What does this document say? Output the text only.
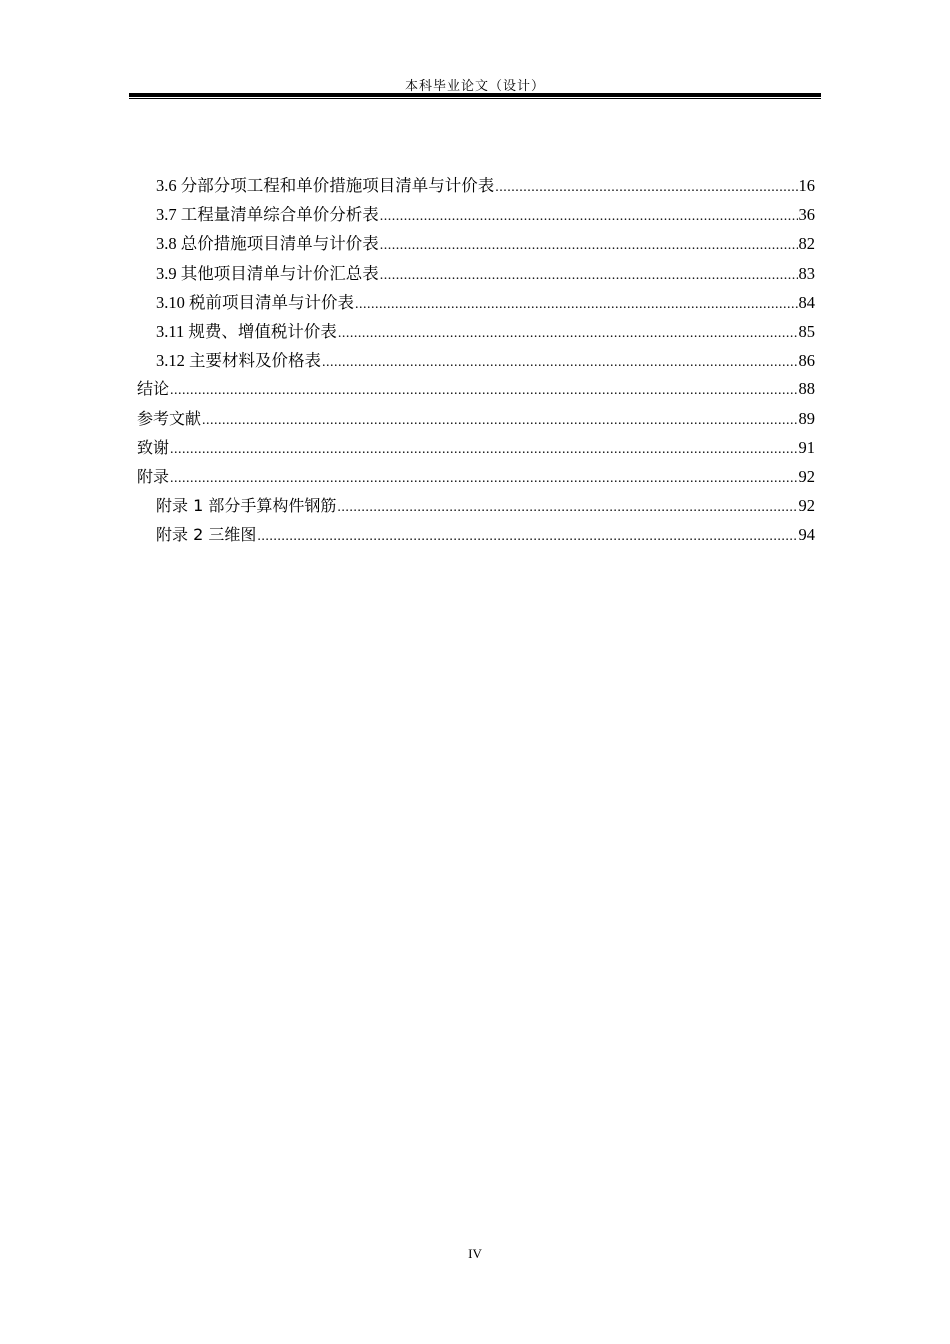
本科毕业论文（设计）
3.6 分部分项工程和单价措施项目清单与计价表 .....	16
3.7 工程量清单综合单价分析表 .....	36
3.8 总价措施项目清单与计价表 .....	82
3.9 其他项目清单与计价汇总表 .....	83
3.10 税前项目清单与计价表 .....	84
3.11 规费、增值税计价表 .....	85
3.12 主要材料及价格表 .....	86
结论 .....	88
参考文献 .....	89
致谢 .....	91
附录 .....	92
附录 1 部分手算构件钢筋 .....	92
附录 2 三维图 .....	94
IV
